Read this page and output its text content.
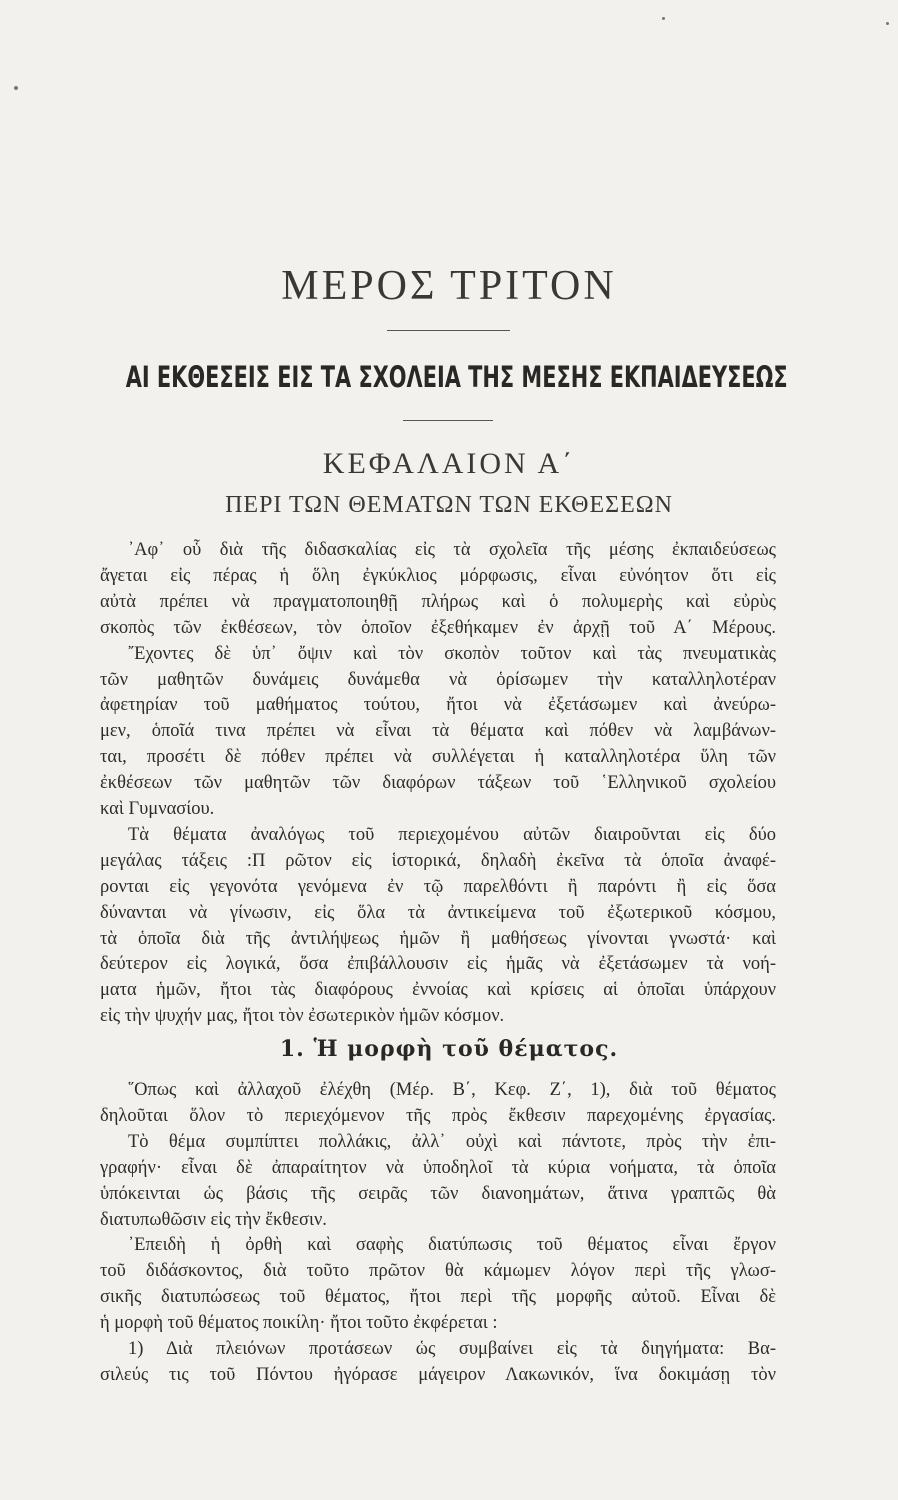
ΜΕΡΟΣ ΤΡΙΤΟΝ
ΑΙ ΕΚΘΕΣΕΙΣ ΕΙΣ ΤΑ ΣΧΟΛΕΙΑ ΤΗΣ ΜΕΣΗΣ ΕΚΠΑΙΔΕΥΣΕΩΣ
ΚΕΦΑΛΑΙΟΝ Α΄
ΠΕΡΙ ΤΩΝ ΘΕΜΑΤΩΝ ΤΩΝ ΕΚΘΕΣΕΩΝ
᾿Αφ᾿ οὗ διὰ τῆς διδασκαλίας εἰς τὰ σχολεῖα τῆς μέσης ἐκπαιδεύσεως
ἄγεται εἰς πέρας ἡ ὅλη ἐγκύκλιος μόρφωσις, εἶναι εὐνόητον ὅτι εἰς
αὐτὰ πρέπει νὰ πραγματοποιηθῇ πλήρως καὶ ὁ πολυμερὴς καὶ εὐρὺς
σκοπὸς τῶν ἐκθέσεων, τὸν ὁποῖον ἐξεθήκαμεν ἐν ἀρχῇ τοῦ Α΄ Μέρους.
῎Εχοντες δὲ ὑπ᾿ ὄψιν καὶ τὸν σκοπὸν τοῦτον καὶ τὰς πνευματικὰς
τῶν μαθητῶν δυνάμεις δυνάμεθα νὰ ὁρίσωμεν τὴν καταλληλοτέραν
ἀφετηρίαν τοῦ μαθήματος τούτου, ἤτοι νὰ ἐξετάσωμεν καὶ ἀνεύρω-
μεν, ὁποῖά τινα πρέπει νὰ εἶναι τὰ θέματα καὶ πόθεν νὰ λαμβάνων-
ται, προσέτι δὲ πόθεν πρέπει νὰ συλλέγεται ἡ καταλληλοτέρα ὕλη τῶν
ἐκθέσεων τῶν μαθητῶν τῶν διαφόρων τάξεων τοῦ ῾Ελληνικοῦ σχολείου
καὶ Γυμνασίου.
Τὰ θέματα ἀναλόγως τοῦ περιεχομένου αὐτῶν διαιροῦνται εἰς δύο
μεγάλας τάξεις :Π ρῶτον εἰς ἱστορικά, δηλαδὴ ἐκεῖνα τὰ ὁποῖα ἀναφέ-
ρονται εἰς γεγονότα γενόμενα ἐν τῷ παρελθόντι ἢ παρόντι ἢ εἰς ὅσα
δύνανται νὰ γίνωσιν, εἰς ὅλα τὰ ἀντικείμενα τοῦ ἐξωτερικοῦ κόσμου,
τὰ ὁποῖα διὰ τῆς ἀντιλήψεως ἡμῶν ἢ μαθήσεως γίνονται γνωστά· καὶ
δεύτερον εἰς λογικά, ὅσα ἐπιβάλλουσιν εἰς ἡμᾶς νὰ ἐξετάσωμεν τὰ νοή-
ματα ἡμῶν, ἤτοι τὰς διαφόρους ἐννοίας καὶ κρίσεις αἱ ὁποῖαι ὑπάρχουν
εἰς τὴν ψυχήν μας, ἤτοι τὸν ἐσωτερικὸν ἡμῶν κόσμον.
1. Ἡ μορφὴ τοῦ θέματος.
῞Οπως καὶ ἀλλαχοῦ ἐλέχθη (Μέρ. Β΄, Κεφ. Ζ΄, 1), διὰ τοῦ θέματος
δηλοῦται ὅλον τὸ περιεχόμενον τῆς πρὸς ἔκθεσιν παρεχομένης ἐργασίας.
Τὸ θέμα συμπίπτει πολλάκις, ἀλλ᾿ οὐχὶ καὶ πάντοτε, πρὸς τὴν ἐπι-
γραφήν· εἶναι δὲ ἀπαραίτητον νὰ ὑποδηλοῖ τὰ κύρια νοήματα, τὰ ὁποῖα
ὑπόκεινται ὡς βάσις τῆς σειρᾶς τῶν διανοημάτων, ἅτινα γραπτῶς θὰ
διατυπωθῶσιν εἰς τὴν ἔκθεσιν.
᾿Επειδὴ ἡ ὀρθὴ καὶ σαφὴς διατύπωσις τοῦ θέματος εἶναι ἔργον
τοῦ διδάσκοντος, διὰ τοῦτο πρῶτον θὰ κάμωμεν λόγον περὶ τῆς γλωσ-
σικῆς διατυπώσεως τοῦ θέματος, ἤτοι περὶ τῆς μορφῆς αὐτοῦ. Εἶναι δὲ
ἡ μορφὴ τοῦ θέματος ποικίλη· ἤτοι τοῦτο ἐκφέρεται :
1) Διὰ πλειόνων προτάσεων ὡς συμβαίνει εἰς τὰ διηγήματα: Βα-
σιλεύς τις τοῦ Πόντου ἠγόρασε μάγειρον Λακωνικόν, ἵνα δοκιμάσῃ τὸν
